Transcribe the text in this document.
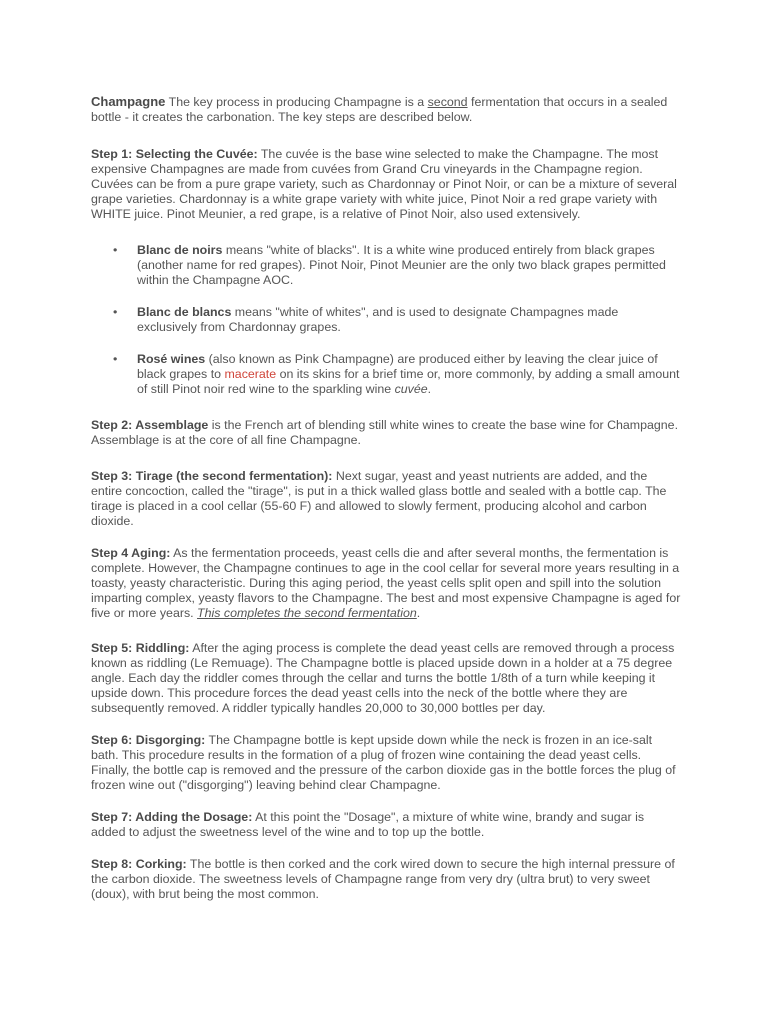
Champagne The key process in producing Champagne is a second fermentation that occurs in a sealed bottle - it creates the carbonation. The key steps are described below.

Step 1: Selecting the Cuvée: The cuvée is the base wine selected to make the Champagne. The most expensive Champagnes are made from cuvées from Grand Cru vineyards in the Champagne region. Cuvées can be from a pure grape variety, such as Chardonnay or Pinot Noir, or can be a mixture of several grape varieties. Chardonnay is a white grape variety with white juice, Pinot Noir a red grape variety with WHITE juice. Pinot Meunier, a red grape, is a relative of Pinot Noir, also used extensively.

• Blanc de noirs means "white of blacks". It is a white wine produced entirely from black grapes (another name for red grapes). Pinot Noir, Pinot Meunier are the only two black grapes permitted within the Champagne AOC.
• Blanc de blancs means "white of whites", and is used to designate Champagnes made exclusively from Chardonnay grapes.
• Rosé wines (also known as Pink Champagne) are produced either by leaving the clear juice of black grapes to macerate on its skins for a brief time or, more commonly, by adding a small amount of still Pinot noir red wine to the sparkling wine cuvée.

Step 2: Assemblage is the French art of blending still white wines to create the base wine for Champagne. Assemblage is at the core of all fine Champagne.

Step 3: Tirage (the second fermentation): Next sugar, yeast and yeast nutrients are added, and the entire concoction, called the "tirage", is put in a thick walled glass bottle and sealed with a bottle cap. The tirage is placed in a cool cellar (55-60 F) and allowed to slowly ferment, producing alcohol and carbon dioxide.

Step 4 Aging: As the fermentation proceeds, yeast cells die and after several months, the fermentation is complete. However, the Champagne continues to age in the cool cellar for several more years resulting in a toasty, yeasty characteristic. During this aging period, the yeast cells split open and spill into the solution imparting complex, yeasty flavors to the Champagne. The best and most expensive Champagne is aged for five or more years. This completes the second fermentation.

Step 5: Riddling: After the aging process is complete the dead yeast cells are removed through a process known as riddling (Le Remuage). The Champagne bottle is placed upside down in a holder at a 75 degree angle. Each day the riddler comes through the cellar and turns the bottle 1/8th of a turn while keeping it upside down. This procedure forces the dead yeast cells into the neck of the bottle where they are subsequently removed. A riddler typically handles 20,000 to 30,000 bottles per day.

Step 6: Disgorging: The Champagne bottle is kept upside down while the neck is frozen in an ice-salt bath. This procedure results in the formation of a plug of frozen wine containing the dead yeast cells. Finally, the bottle cap is removed and the pressure of the carbon dioxide gas in the bottle forces the plug of frozen wine out ("disgorging") leaving behind clear Champagne.

Step 7: Adding the Dosage: At this point the "Dosage", a mixture of white wine, brandy and sugar is added to adjust the sweetness level of the wine and to top up the bottle.

Step 8: Corking: The bottle is then corked and the cork wired down to secure the high internal pressure of the carbon dioxide. The sweetness levels of Champagne range from very dry (ultra brut) to very sweet (doux), with brut being the most common.
